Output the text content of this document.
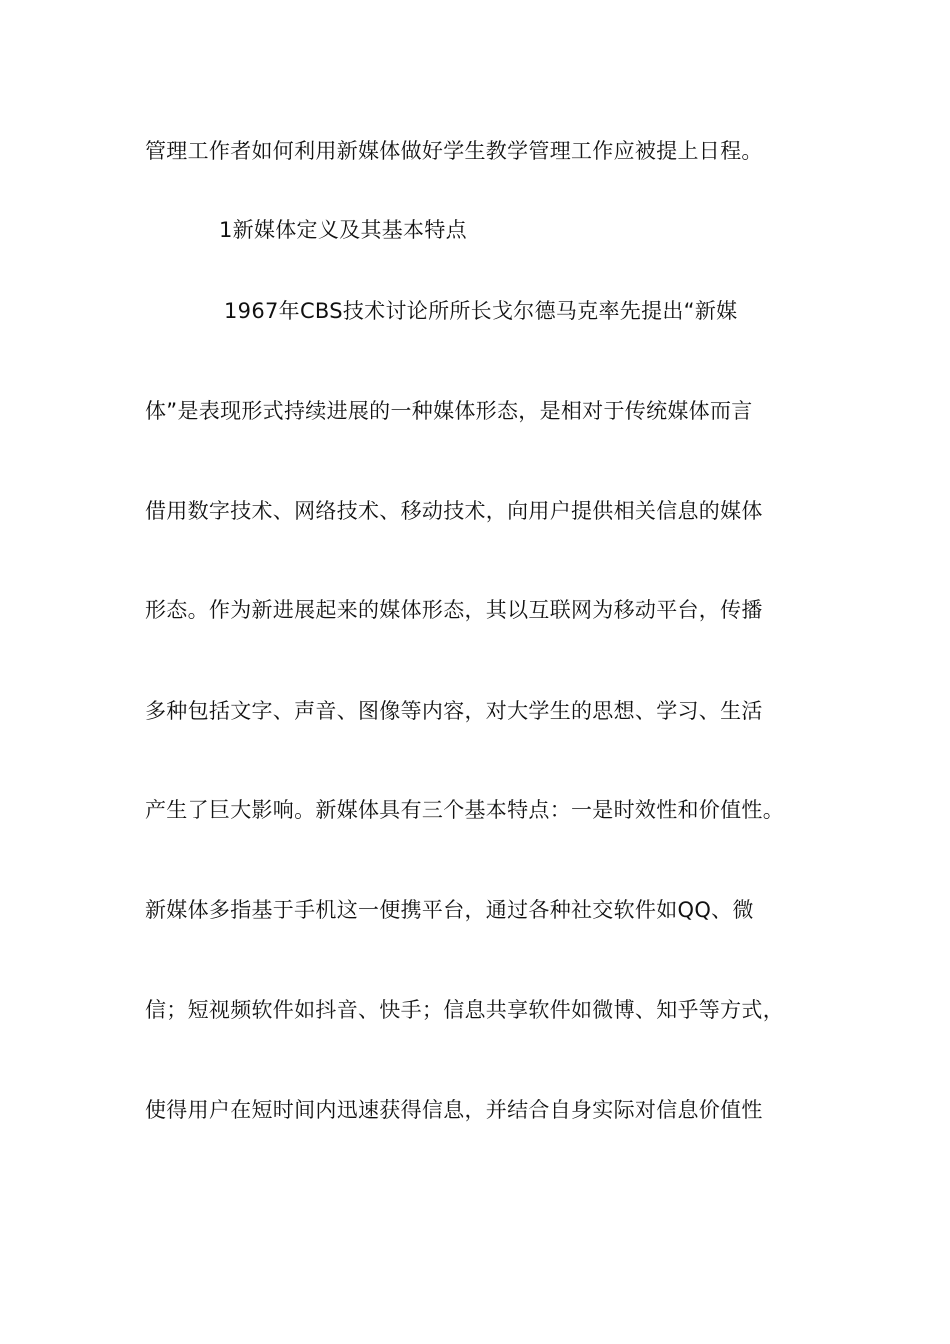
管理工作者如何利用新媒体做好学生教学管理工作应被提上日程。
1新媒体定义及其基本特点
1967年CBS技术讨论所所长戈尔德马克率先提出“新媒
体”是表现形式持续进展的一种媒体形态，是相对于传统媒体而言
借用数字技术、网络技术、移动技术，向用户提供相关信息的媒体
形态。作为新进展起来的媒体形态，其以互联网为移动平台，传播
多种包括文字、声音、图像等内容，对大学生的思想、学习、生活
产生了巨大影响。新媒体具有三个基本特点：一是时效性和价值性。
新媒体多指基于手机这一便携平台，通过各种社交软件如QQ、微
信；短视频软件如抖音、快手；信息共享软件如微博、知乎等方式，
使得用户在短时间内迅速获得信息，并结合自身实际对信息价值性
